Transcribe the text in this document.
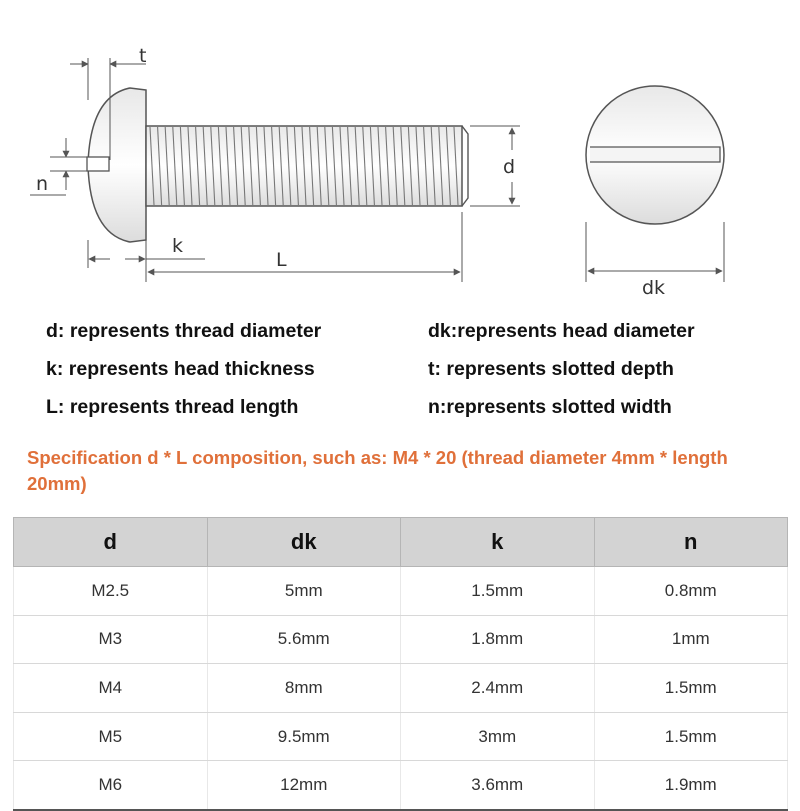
t
n
d
k
L
dk
d: represents thread diameter
k: represents head thickness
L: represents thread length
dk:represents head diameter
t: represents slotted depth
n:represents slotted width
Specification d * L composition, such as: M4 * 20 (thread diameter 4mm * length 20mm)
d	dk	k	n
M2.5	5mm	1.5mm	0.8mm
M3	5.6mm	1.8mm	1mm
M4	8mm	2.4mm	1.5mm
M5	9.5mm	3mm	1.5mm
M6	12mm	3.6mm	1.9mm
